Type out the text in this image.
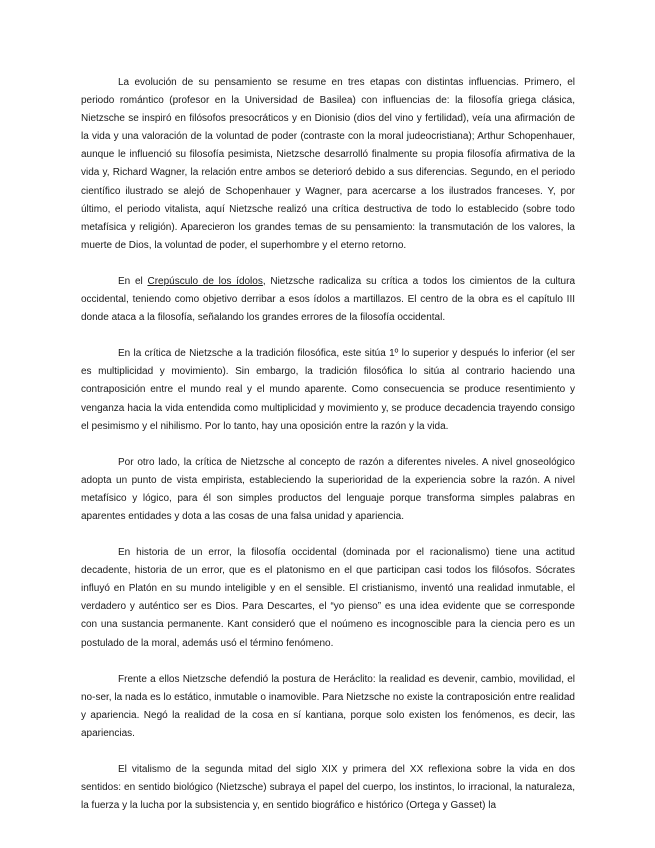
La evolución de su pensamiento se resume en tres etapas con distintas influencias. Primero, el periodo romántico (profesor en la Universidad de Basilea) con influencias de: la filosofía griega clásica, Nietzsche se inspiró en filósofos presocráticos y en Dionisio (dios del vino y fertilidad), veía una afirmación de la vida y una valoración de la voluntad de poder (contraste con la moral judeocristiana); Arthur Schopenhauer, aunque le influenció su filosofía pesimista, Nietzsche desarrolló finalmente su propia filosofía afirmativa de la vida y, Richard Wagner, la relación entre ambos se deterioró debido a sus diferencias. Segundo, en el periodo científico ilustrado se alejó de Schopenhauer y Wagner, para acercarse a los ilustrados franceses. Y, por último, el periodo vitalista, aquí Nietzsche realizó una crítica destructiva de todo lo establecido (sobre todo metafísica y religión). Aparecieron los grandes temas de su pensamiento: la transmutación de los valores, la muerte de Dios, la voluntad de poder, el superhombre y el eterno retorno.

En el Crepúsculo de los ídolos, Nietzsche radicaliza su crítica a todos los cimientos de la cultura occidental, teniendo como objetivo derribar a esos ídolos a martillazos. El centro de la obra es el capítulo III donde ataca a la filosofía, señalando los grandes errores de la filosofía occidental.

En la crítica de Nietzsche a la tradición filosófica, este sitúa 1º lo superior y después lo inferior (el ser es multiplicidad y movimiento). Sin embargo, la tradición filosófica lo sitúa al contrario haciendo una contraposición entre el mundo real y el mundo aparente. Como consecuencia se produce resentimiento y venganza hacia la vida entendida como multiplicidad y movimiento y, se produce decadencia trayendo consigo el pesimismo y el nihilismo. Por lo tanto, hay una oposición entre la razón y la vida.

Por otro lado, la crítica de Nietzsche al concepto de razón a diferentes niveles. A nivel gnoseológico adopta un punto de vista empirista, estableciendo la superioridad de la experiencia sobre la razón. A nivel metafísico y lógico, para él son simples productos del lenguaje porque transforma simples palabras en aparentes entidades y dota a las cosas de una falsa unidad y apariencia.

En historia de un error, la filosofía occidental (dominada por el racionalismo) tiene una actitud decadente, historia de un error, que es el platonismo en el que participan casi todos los filósofos. Sócrates influyó en Platón en su mundo inteligible y en el sensible. El cristianismo, inventó una realidad inmutable, el verdadero y auténtico ser es Dios. Para Descartes, el “yo pienso” es una idea evidente que se corresponde con una sustancia permanente. Kant consideró que el noúmeno es incognoscible para la ciencia pero es un postulado de la moral, además usó el término fenómeno.

Frente a ellos Nietzsche defendió la postura de Heráclito: la realidad es devenir, cambio, movilidad, el no-ser, la nada es lo estático, inmutable o inamovible. Para Nietzsche no existe la contraposición entre realidad y apariencia. Negó la realidad de la cosa en sí kantiana, porque solo existen los fenómenos, es decir, las apariencias.

El vitalismo de la segunda mitad del siglo XIX y primera del XX reflexiona sobre la vida en dos sentidos: en sentido biológico (Nietzsche) subraya el papel del cuerpo, los instintos, lo irracional, la naturaleza, la fuerza y la lucha por la subsistencia y, en sentido biográfico e histórico (Ortega y Gasset) la
